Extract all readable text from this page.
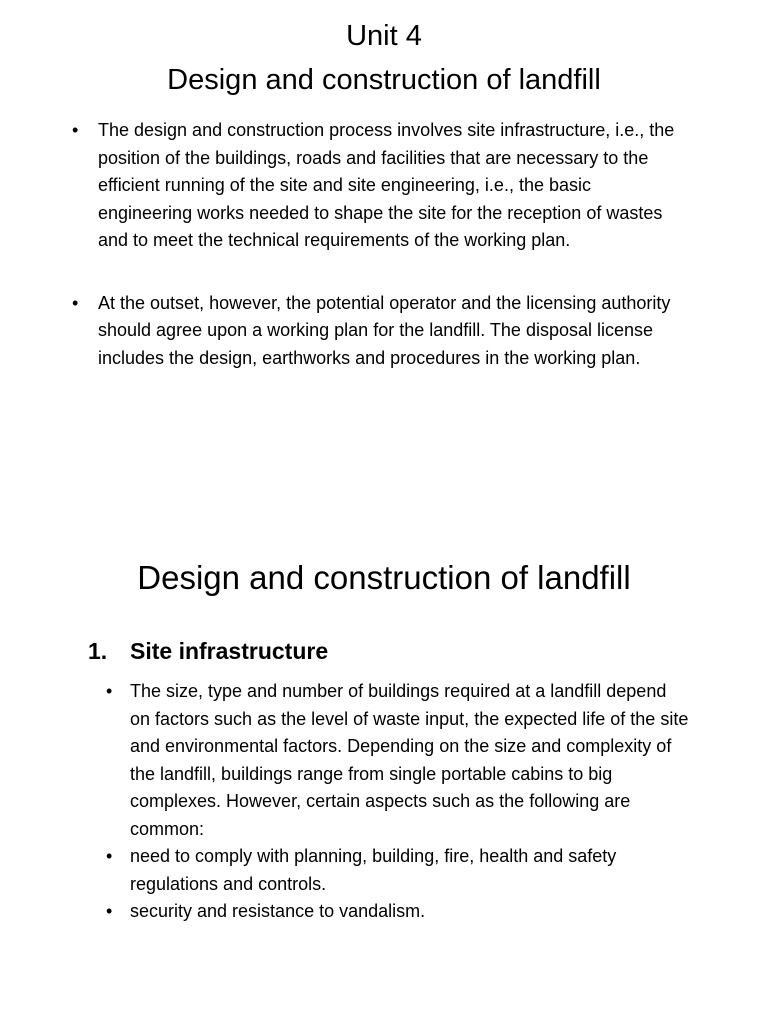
Unit 4
Design and construction of landfill
• The design and construction process involves site infrastructure, i.e., the position of the buildings, roads and facilities that are necessary to the efficient running of the site and site engineering, i.e., the basic engineering works needed to shape the site for the reception of wastes and to meet the technical requirements of the working plan.
• At the outset, however, the potential operator and the licensing authority should agree upon a working plan for the landfill. The disposal license includes the design, earthworks and procedures in the working plan.
Design and construction of landfill
1. Site infrastructure
• The size, type and number of buildings required at a landfill depend on factors such as the level of waste input, the expected life of the site and environmental factors. Depending on the size and complexity of the landfill, buildings range from single portable cabins to big complexes. However, certain aspects such as the following are common:
• need to comply with planning, building, fire, health and safety regulations and controls.
• security and resistance to vandalism.
